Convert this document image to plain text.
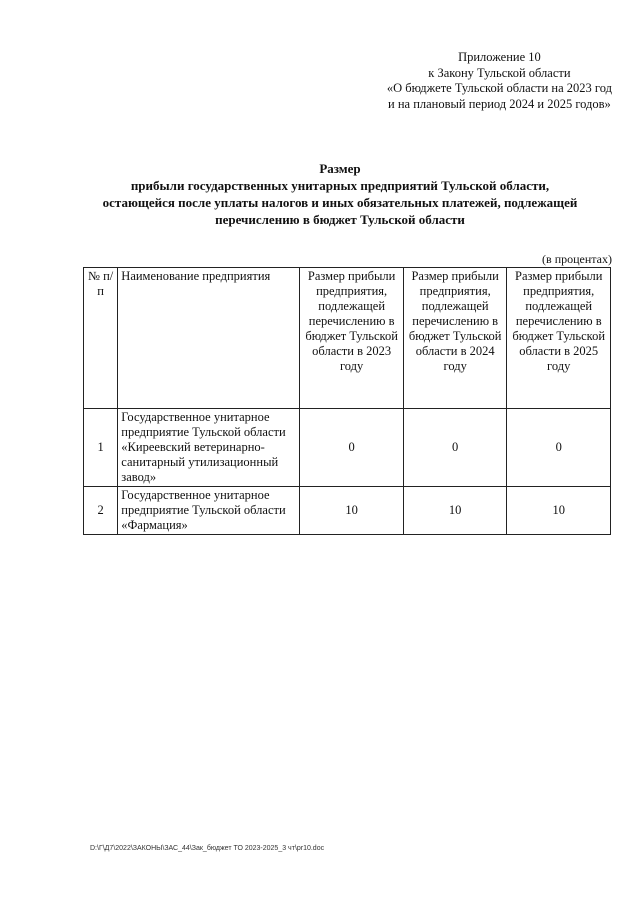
Приложение 10
к Закону Тульской области
«О бюджете Тульской области на 2023 год
и на плановый период 2024 и 2025 годов»
Размер
прибыли государственных унитарных предприятий Тульской области,
остающейся после уплаты налогов и иных обязательных платежей, подлежащей
перечислению в бюджет Тульской области
(в процентах)
№ п/п	Наименование предприятия	Размер прибыли предприятия, подлежащей перечислению в бюджет Тульской области в 2023 году	Размер прибыли предприятия, подлежащей перечислению в бюджет Тульской области в 2024 году	Размер прибыли предприятия, подлежащей перечислению в бюджет Тульской области в 2025 году
1	Государственное унитарное предприятие Тульской области «Киреевский ветеринарно-санитарный утилизационный завод»	0	0	0
2	Государственное унитарное предприятие Тульской области «Фармация»	10	10	10
D:\Г\Д7\2022\ЗАКОНЫ\ЗАС_44\Зак_бюджет ТО 2023-2025_3 чт\pr10.doc
